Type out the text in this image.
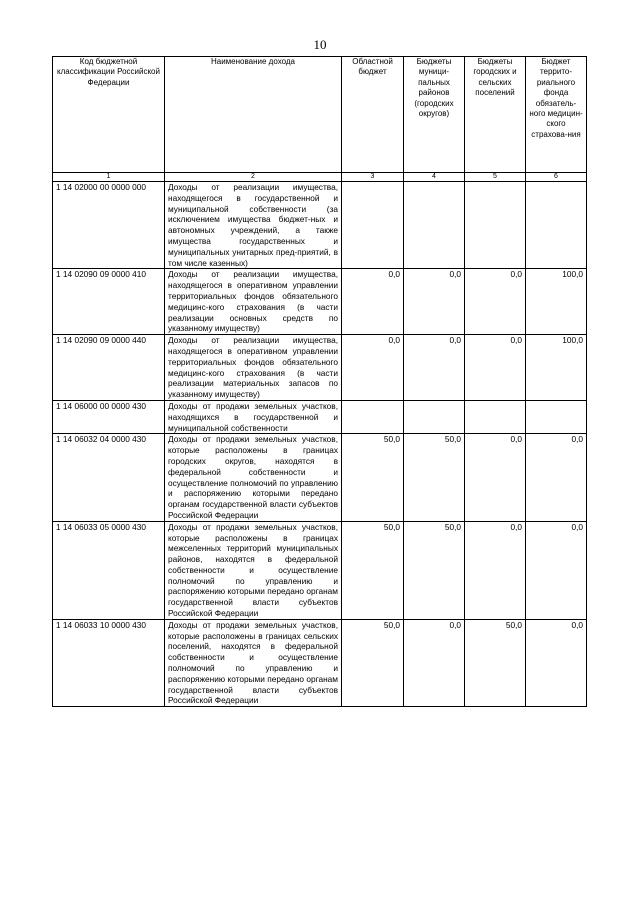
10
Код бюджетной классификации Российской Федерации	Наименование дохода	Областной бюджет	Бюджеты муници-пальных районов (городских округов)	Бюджеты городских и сельских поселений	Бюджет террито-риального фонда обязатель-ного медицин-ского страхова-ния
1	2	3	4	5	6
1 14 02000 00 0000 000	Доходы от реализации имущества, находящегося в государственной и муниципальной собственности (за исключением имущества бюджет-ных и автономных учреждений, а также имущества государственных и муниципальных унитарных пред-приятий, в том числе казенных)	

1 14 02090 09 0000 410	Доходы от реализации имущества, находящегося в оперативном управлении территориальных фондов обязательного медицинс-кого страхования (в части реализации основных средств по указанному имуществу)	0,0	0,0	0,0	100,0

1 14 02090 09 0000 440	Доходы от реализации имущества, находящегося в оперативном управлении территориальных фондов обязательного медицинс-кого страхования (в части реализации материальных запасов по указанному имуществу)	0,0	0,0	0,0	100,0

1 14 06000 00 0000 430	Доходы от продажи земельных участков, находящихся в государственной и муниципальной собственности	

1 14 06032 04 0000 430	Доходы от продажи земельных участков, которые расположены в границах городских округов, находятся в федеральной собственности и осуществление полномочий по управлению и распоряжению которыми передано органам государственной власти субъектов Российской Федерации	50,0	50,0	0,0	0,0

1 14 06033 05 0000 430	Доходы от продажи земельных участков, которые расположены в границах межселенных территорий муниципальных районов, находятся в федеральной собственности и осуществление полномочий по управлению и распоряжению которыми передано органам государственной власти субъектов Российской Федерации	50,0	50,0	0,0	0,0

1 14 06033 10 0000 430	Доходы от продажи земельных участков, которые расположены в границах сельских поселений, находятся в федеральной собственности и осуществление полномочий по управлению и распоряжению которыми передано органам государственной власти субъектов Российской Федерации	50,0	0,0	50,0	0,0
